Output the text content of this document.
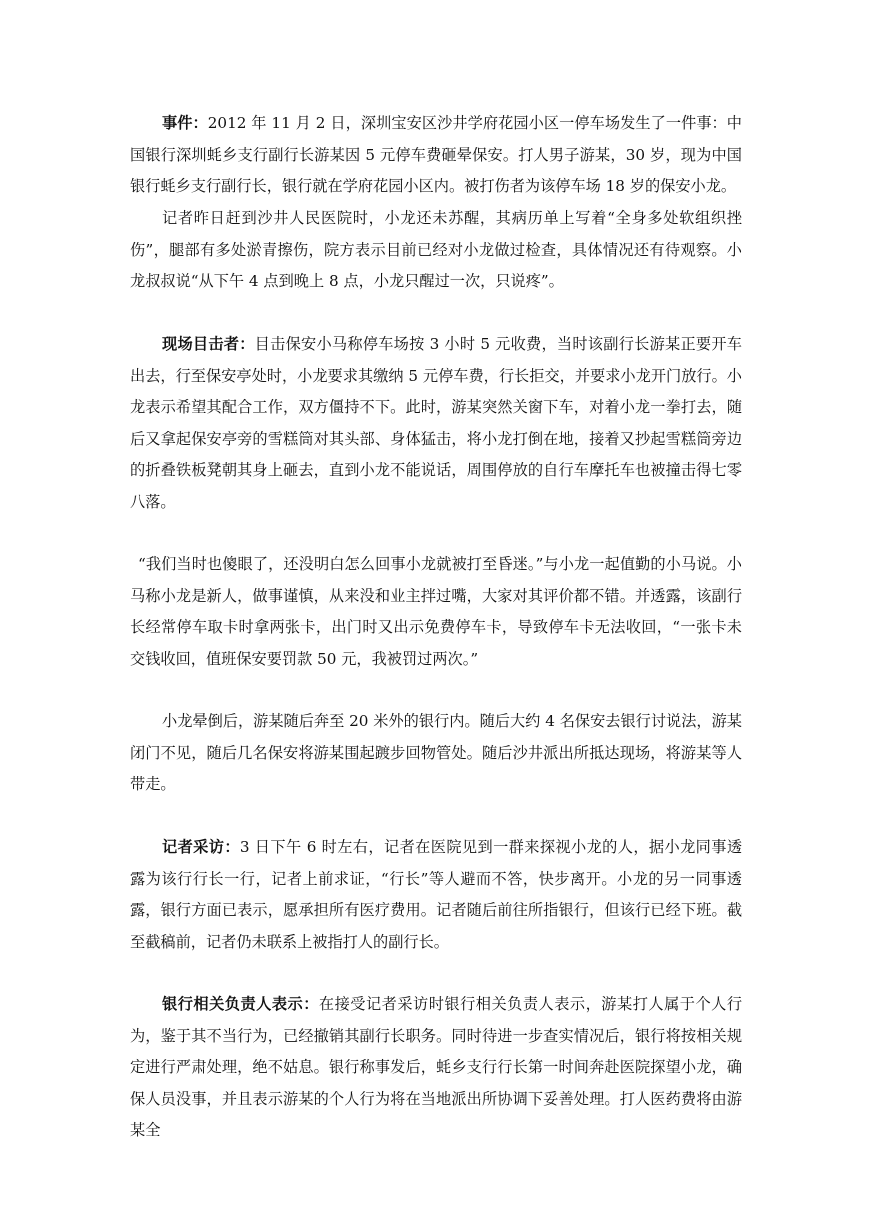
事件：2012 年 11 月 2 日，深圳宝安区沙井学府花园小区一停车场发生了一件事：中国银行深圳蚝乡支行副行长游某因 5 元停车费砸晕保安。打人男子游某，30 岁，现为中国银行蚝乡支行副行长，银行就在学府花园小区内。被打伤者为该停车场 18 岁的保安小龙。

记者昨日赶到沙井人民医院时，小龙还未苏醒，其病历单上写着“全身多处软组织挫伤”，腿部有多处淤青擦伤，院方表示目前已经对小龙做过检查，具体情况还有待观察。小龙叔叔说“从下午 4 点到晚上 8 点，小龙只醒过一次，只说疼”。

现场目击者：目击保安小马称停车场按 3 小时 5 元收费，当时该副行长游某正要开车出去，行至保安亭处时，小龙要求其缴纳 5 元停车费，行长拒交，并要求小龙开门放行。小龙表示希望其配合工作，双方僵持不下。此时，游某突然关窗下车，对着小龙一拳打去，随后又拿起保安亭旁的雪糕筒对其头部、身体猛击，将小龙打倒在地，接着又抄起雪糕筒旁边的折叠铁板凳朝其身上砸去，直到小龙不能说话，周围停放的自行车摩托车也被撞击得七零八落。

“我们当时也傻眼了，还没明白怎么回事小龙就被打至昏迷。”与小龙一起值勤的小马说。小马称小龙是新人，做事谨慎，从来没和业主拌过嘴，大家对其评价都不错。并透露，该副行长经常停车取卡时拿两张卡，出门时又出示免费停车卡，导致停车卡无法收回，“一张卡未交钱收回，值班保安要罚款 50 元，我被罚过两次。”

小龙晕倒后，游某随后奔至 20 米外的银行内。随后大约 4 名保安去银行讨说法，游某闭门不见，随后几名保安将游某围起踱步回物管处。随后沙井派出所抵达现场，将游某等人带走。

记者采访：3 日下午 6 时左右，记者在医院见到一群来探视小龙的人，据小龙同事透露为该行行长一行，记者上前求证，“行长”等人避而不答，快步离开。小龙的另一同事透露，银行方面已表示，愿承担所有医疗费用。记者随后前往所指银行，但该行已经下班。截至截稿前，记者仍未联系上被指打人的副行长。

银行相关负责人表示：在接受记者采访时银行相关负责人表示，游某打人属于个人行为，鉴于其不当行为，已经撤销其副行长职务。同时待进一步查实情况后，银行将按相关规定进行严肃处理，绝不姑息。银行称事发后，蚝乡支行行长第一时间奔赴医院探望小龙，确保人员没事，并且表示游某的个人行为将在当地派出所协调下妥善处理。打人医药费将由游某全
